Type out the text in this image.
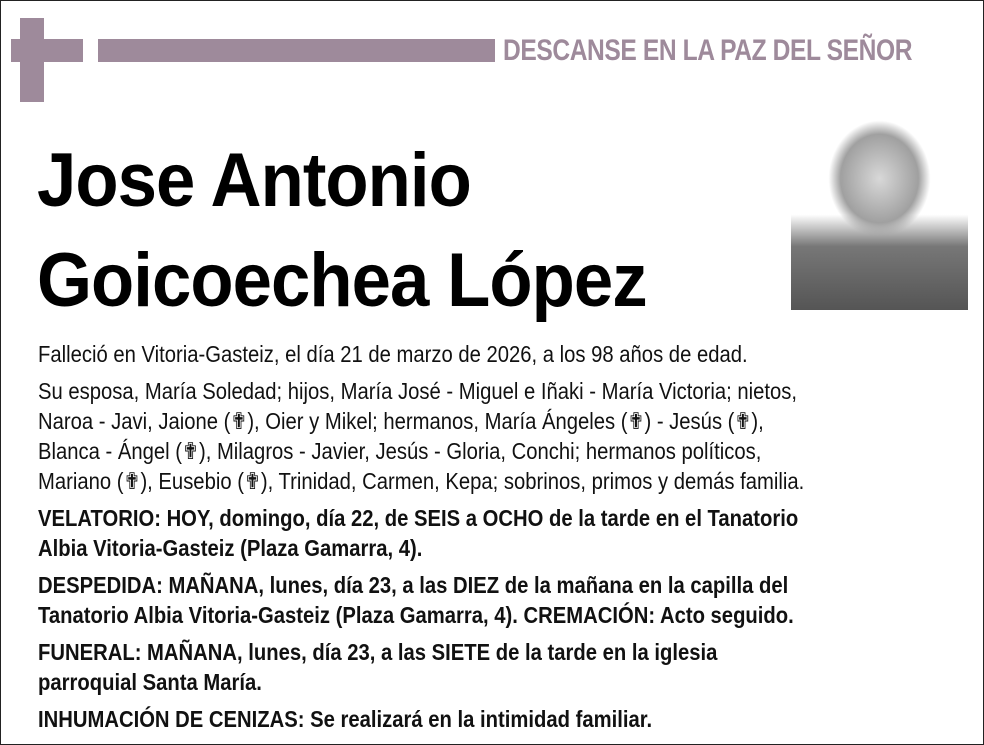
DESCANSE EN LA PAZ DEL SEÑOR
Jose Antonio
Goicoechea López
Falleció en Vitoria-Gasteiz, el día 21 de marzo de 2026, a los 98 años de edad.
Su esposa, María Soledad; hijos, María José - Miguel e Iñaki - María Victoria; nietos,
Naroa - Javi, Jaione (✟), Oier y Mikel; hermanos, María Ángeles (✟) - Jesús (✟),
Blanca - Ángel (✟), Milagros - Javier, Jesús - Gloria, Conchi; hermanos políticos,
Mariano (✟), Eusebio (✟), Trinidad, Carmen, Kepa; sobrinos, primos y demás familia.
VELATORIO: HOY, domingo, día 22, de SEIS a OCHO de la tarde en el Tanatorio
Albia Vitoria-Gasteiz (Plaza Gamarra, 4).
DESPEDIDA: MAÑANA, lunes, día 23, a las DIEZ de la mañana en la capilla del
Tanatorio Albia Vitoria-Gasteiz (Plaza Gamarra, 4). CREMACIÓN: Acto seguido.
FUNERAL: MAÑANA, lunes, día 23, a las SIETE de la tarde en la iglesia
parroquial Santa María.
INHUMACIÓN DE CENIZAS: Se realizará en la intimidad familiar.
